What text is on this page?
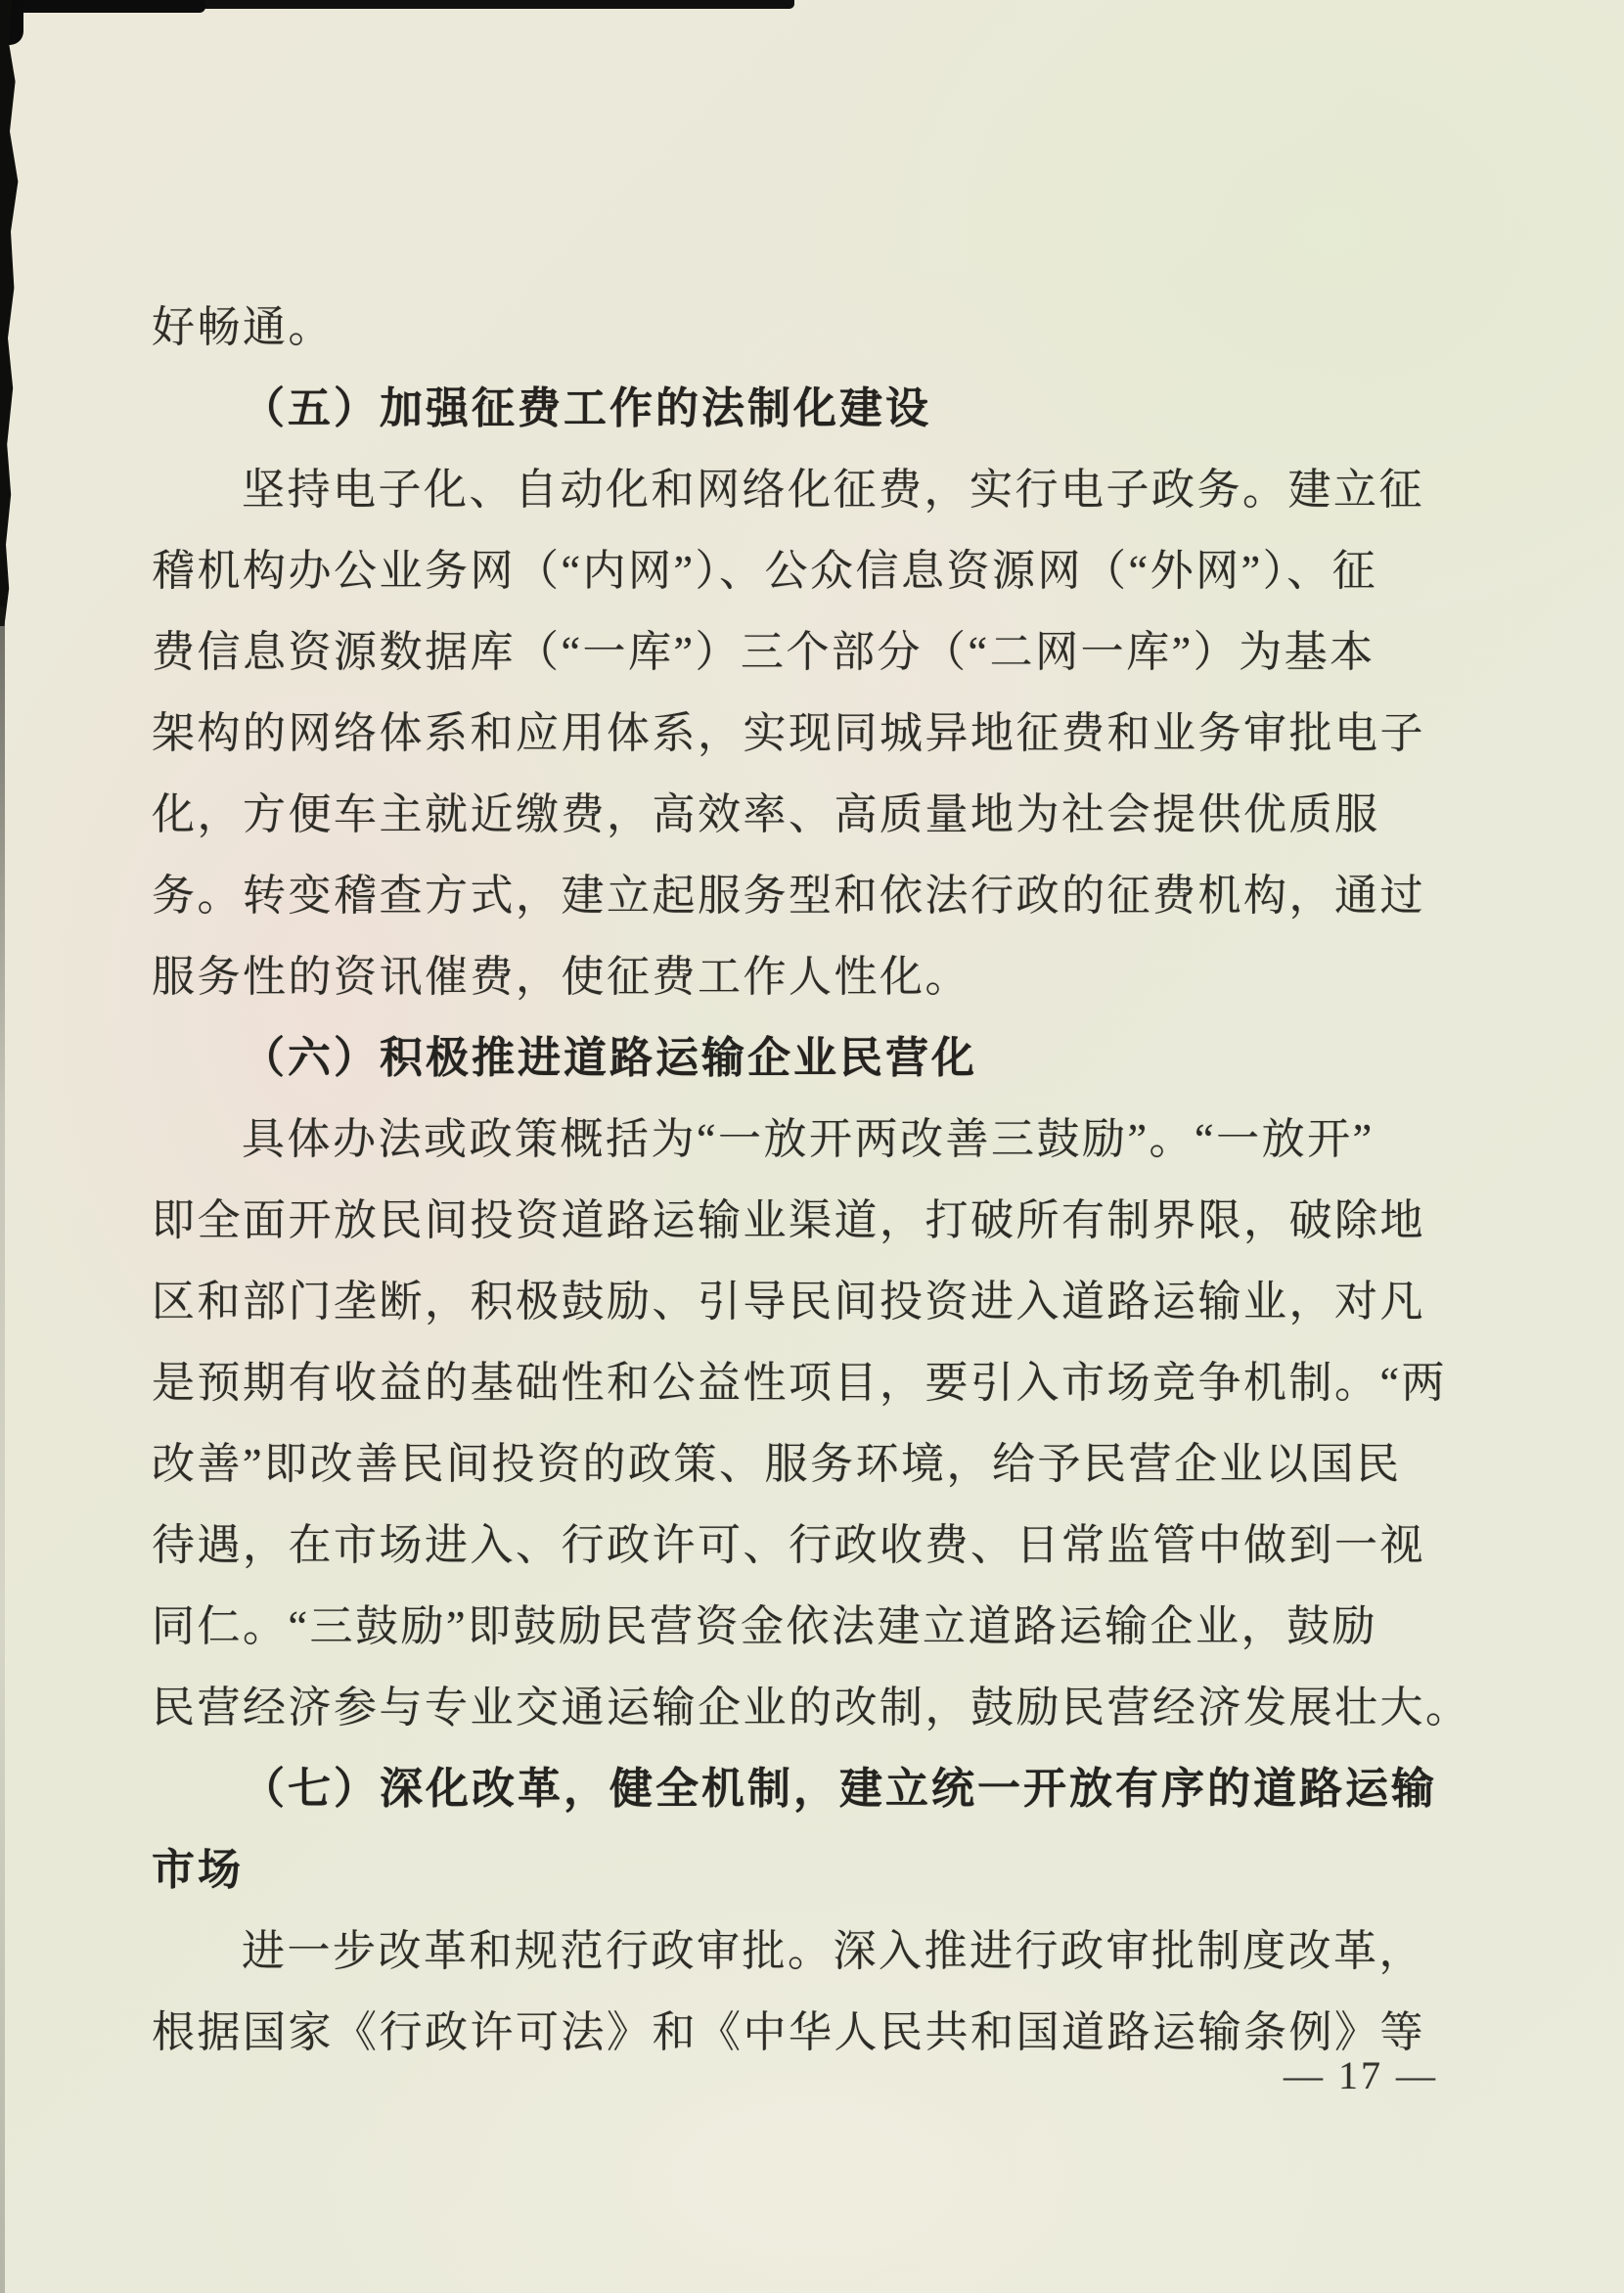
好畅通。
（五）加强征费工作的法制化建设
坚持电子化、自动化和网络化征费，实行电子政务。建立征
稽机构办公业务网（“内网”）、公众信息资源网（“外网”）、征
费信息资源数据库（“一库”）三个部分（“二网一库”）为基本
架构的网络体系和应用体系，实现同城异地征费和业务审批电子
化，方便车主就近缴费，高效率、高质量地为社会提供优质服
务。转变稽查方式，建立起服务型和依法行政的征费机构，通过
服务性的资讯催费，使征费工作人性化。
（六）积极推进道路运输企业民营化
具体办法或政策概括为“一放开两改善三鼓励”。“一放开”
即全面开放民间投资道路运输业渠道，打破所有制界限，破除地
区和部门垄断，积极鼓励、引导民间投资进入道路运输业，对凡
是预期有收益的基础性和公益性项目，要引入市场竞争机制。“两
改善”即改善民间投资的政策、服务环境，给予民营企业以国民
待遇，在市场进入、行政许可、行政收费、日常监管中做到一视
同仁。“三鼓励”即鼓励民营资金依法建立道路运输企业，鼓励
民营经济参与专业交通运输企业的改制，鼓励民营经济发展壮大。
（七）深化改革，健全机制，建立统一开放有序的道路运输
市场
进一步改革和规范行政审批。深入推进行政审批制度改革，
根据国家《行政许可法》和《中华人民共和国道路运输条例》等
— 17 —
